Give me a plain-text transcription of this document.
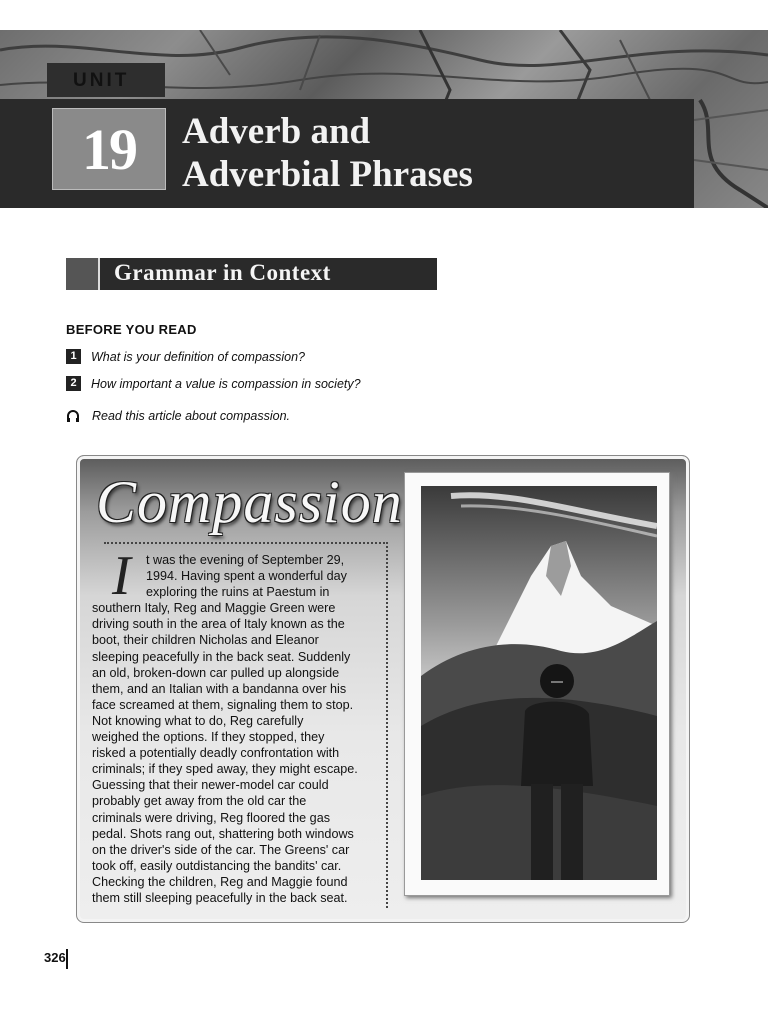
UNIT
19 Adverb and
Adverbial Phrases
Grammar in Context
BEFORE YOU READ
1	What is your definition of compassion?
2	How important a value is compassion in society?
Read this article about compassion.
Compassion
I	t was the evening of September 29,
1994. Having spent a wonderful day
exploring the ruins at Paestum in
southern Italy, Reg and Maggie Green were
driving south in the area of Italy known as the
boot, their children Nicholas and Eleanor
sleeping peacefully in the back seat. Suddenly
an old, broken-down car pulled up alongside
them, and an Italian with a bandanna over his
face screamed at them, signaling them to stop.
Not knowing what to do, Reg carefully
weighed the options. If they stopped, they
risked a potentially deadly confrontation with
criminals; if they sped away, they might escape.
Guessing that their newer-model car could
probably get away from the old car the
criminals were driving, Reg floored the gas
pedal. Shots rang out, shattering both windows
on the driver's side of the car. The Greens' car
took off, easily outdistancing the bandits' car.
Checking the children, Reg and Maggie found
them still sleeping peacefully in the back seat.
326
